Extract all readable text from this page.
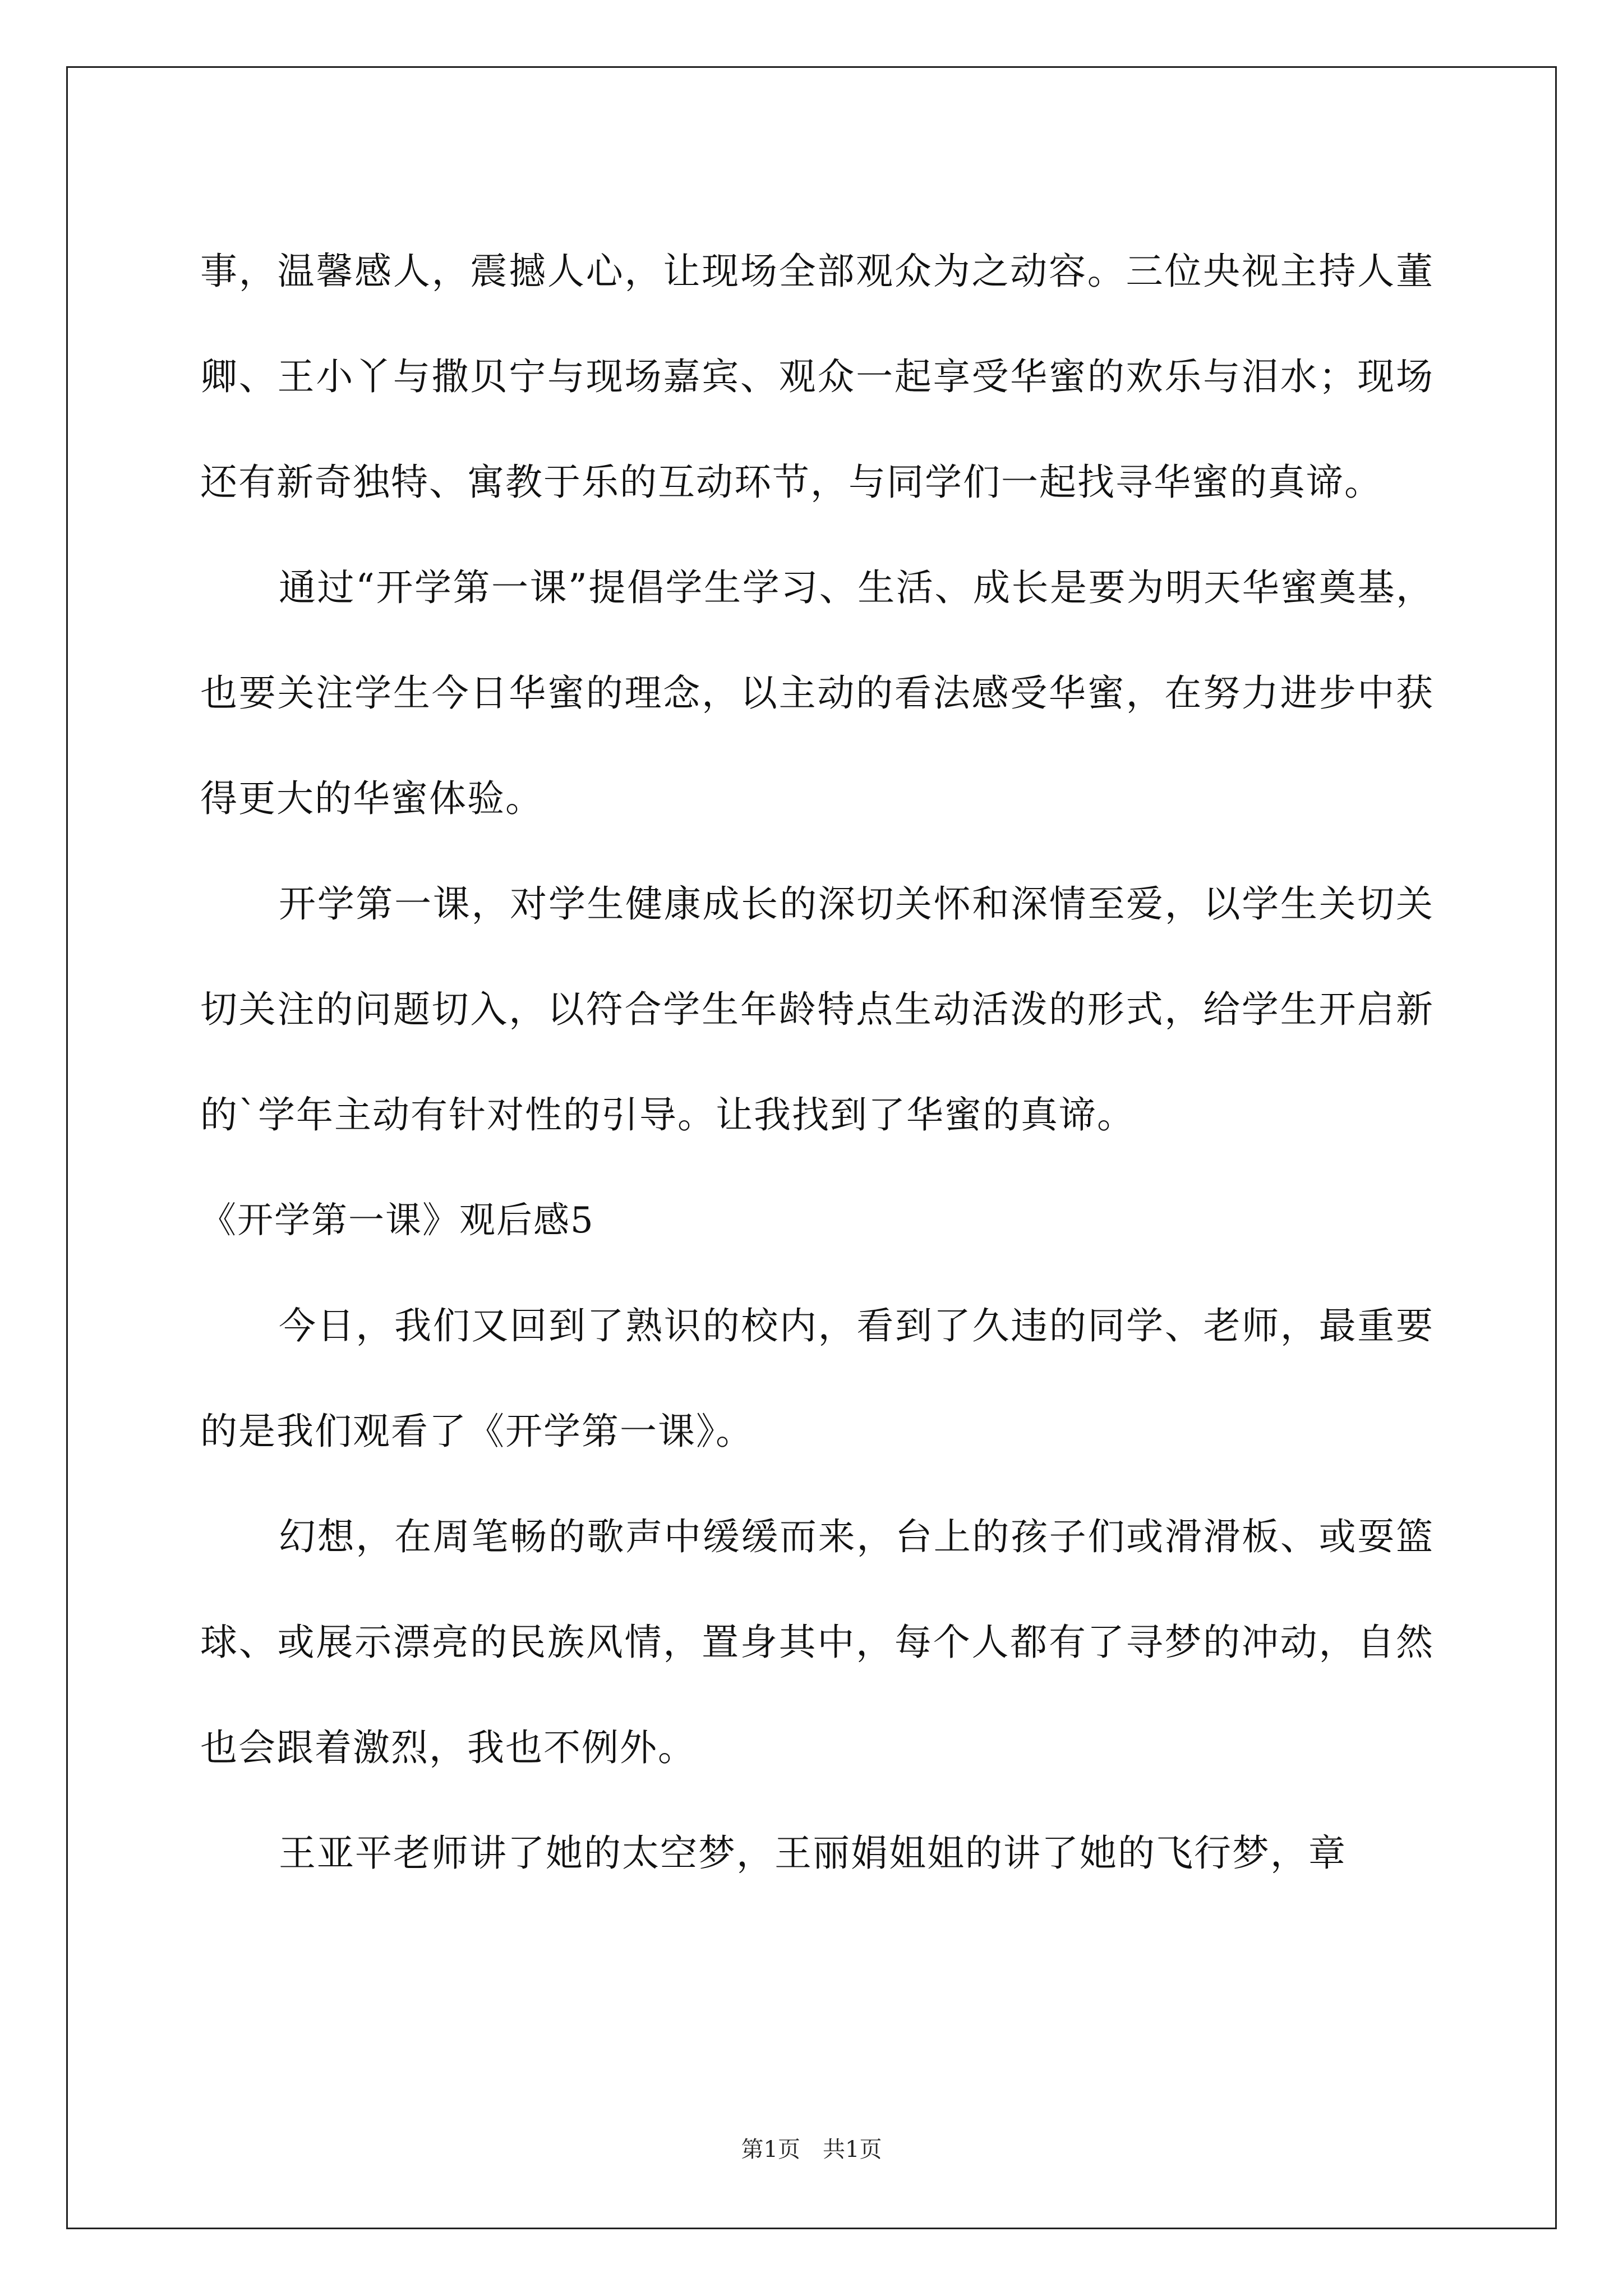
事，温馨感人，震撼人心，让现场全部观众为之动容。三位央视主持人董卿、王小丫与撒贝宁与现场嘉宾、观众一起享受华蜜的欢乐与泪水；现场还有新奇独特、寓教于乐的互动环节，与同学们一起找寻华蜜的真谛。

通过“开学第一课”提倡学生学习、生活、成长是要为明天华蜜奠基，也要关注学生今日华蜜的理念，以主动的看法感受华蜜，在努力进步中获得更大的华蜜体验。

开学第一课，对学生健康成长的深切关怀和深情至爱，以学生关切关切关注的问题切入，以符合学生年龄特点生动活泼的形式，给学生开启新的`学年主动有针对性的引导。让我找到了华蜜的真谛。

《开学第一课》观后感5

今日，我们又回到了熟识的校内，看到了久违的同学、老师，最重要的是我们观看了《开学第一课》。

幻想，在周笔畅的歌声中缓缓而来，台上的孩子们或滑滑板、或耍篮球、或展示漂亮的民族风情，置身其中，每个人都有了寻梦的冲动，自然也会跟着激烈，我也不例外。

王亚平老师讲了她的太空梦，王丽娟姐姐的讲了她的飞行梦，章

第1页　共1页
